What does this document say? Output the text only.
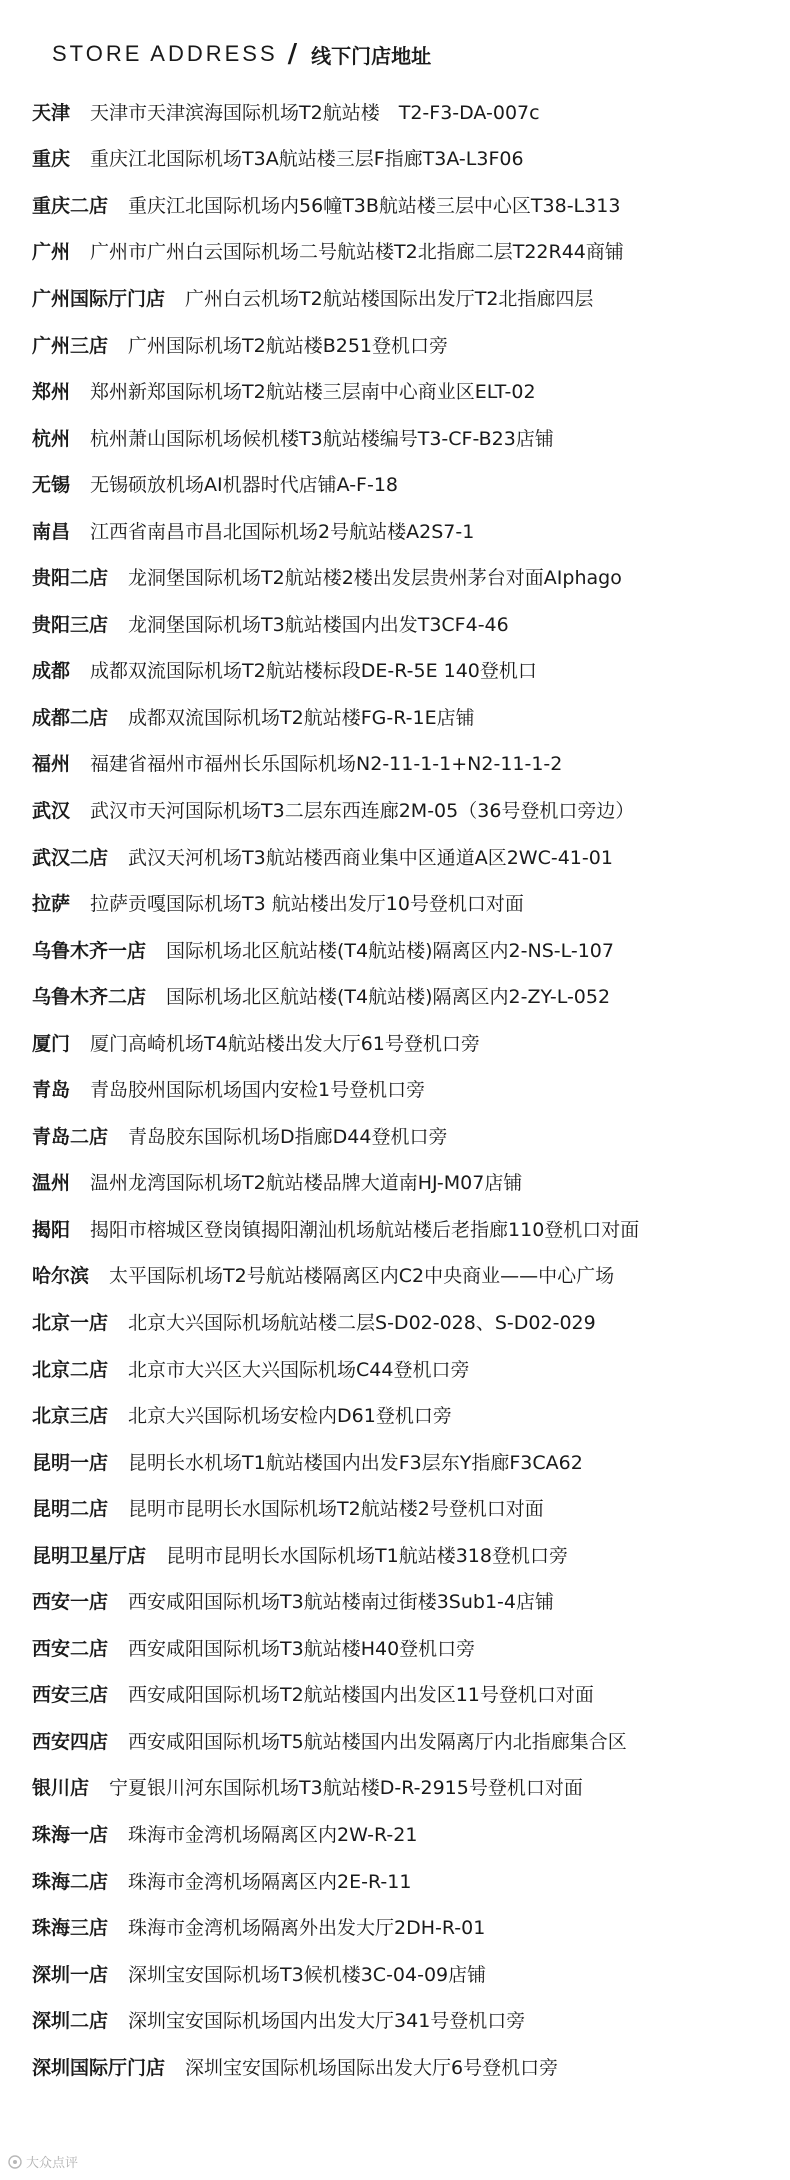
STORE ADDRESS / 线下门店地址
天津 天津市天津滨海国际机场T2航站楼　T2-F3-DA-007c
重庆 重庆江北国际机场T3A航站楼三层F指廊T3A-L3F06
重庆二店 重庆江北国际机场内56幢T3B航站楼三层中心区T38-L313
广州 广州市广州白云国际机场二号航站楼T2北指廊二层T22R44商铺
广州国际厅门店 广州白云机场T2航站楼国际出发厅T2北指廊四层
广州三店 广州国际机场T2航站楼B251登机口旁
郑州 郑州新郑国际机场T2航站楼三层南中心商业区ELT-02
杭州 杭州萧山国际机场候机楼T3航站楼编号T3-CF-B23店铺
无锡 无锡硕放机场AI机器时代店铺A-F-18
南昌 江西省南昌市昌北国际机场2号航站楼A2S7-1
贵阳二店 龙洞堡国际机场T2航站楼2楼出发层贵州茅台对面AIphago
贵阳三店 龙洞堡国际机场T3航站楼国内出发T3CF4-46
成都 成都双流国际机场T2航站楼标段DE-R-5E 140登机口
成都二店 成都双流国际机场T2航站楼FG-R-1E店铺
福州 福建省福州市福州长乐国际机场N2-11-1-1+N2-11-1-2
武汉 武汉市天河国际机场T3二层东西连廊2M-05（36号登机口旁边）
武汉二店 武汉天河机场T3航站楼西商业集中区通道A区2WC-41-01
拉萨 拉萨贡嘎国际机场T3 航站楼出发厅10号登机口对面
乌鲁木齐一店 国际机场北区航站楼(T4航站楼)隔离区内2-NS-L-107
乌鲁木齐二店 国际机场北区航站楼(T4航站楼)隔离区内2-ZY-L-052
厦门 厦门高崎机场T4航站楼出发大厅61号登机口旁
青岛 青岛胶州国际机场国内安检1号登机口旁
青岛二店 青岛胶东国际机场D指廊D44登机口旁
温州 温州龙湾国际机场T2航站楼品牌大道南HJ-M07店铺
揭阳 揭阳市榕城区登岗镇揭阳潮汕机场航站楼后老指廊110登机口对面
哈尔滨 太平国际机场T2号航站楼隔离区内C2中央商业——中心广场
北京一店 北京大兴国际机场航站楼二层S-D02-028、S-D02-029
北京二店 北京市大兴区大兴国际机场C44登机口旁
北京三店 北京大兴国际机场安检内D61登机口旁
昆明一店 昆明长水机场T1航站楼国内出发F3层东Y指廊F3CA62
昆明二店 昆明市昆明长水国际机场T2航站楼2号登机口对面
昆明卫星厅店 昆明市昆明长水国际机场T1航站楼318登机口旁
西安一店 西安咸阳国际机场T3航站楼南过街楼3Sub1-4店铺
西安二店 西安咸阳国际机场T3航站楼H40登机口旁
西安三店 西安咸阳国际机场T2航站楼国内出发区11号登机口对面
西安四店 西安咸阳国际机场T5航站楼国内出发隔离厅内北指廊集合区
银川店 宁夏银川河东国际机场T3航站楼D-R-2915号登机口对面
珠海一店 珠海市金湾机场隔离区内2W-R-21
珠海二店 珠海市金湾机场隔离区内2E-R-11
珠海三店 珠海市金湾机场隔离外出发大厅2DH-R-01
深圳一店 深圳宝安国际机场T3候机楼3C-04-09店铺
深圳二店 深圳宝安国际机场国内出发大厅341号登机口旁
深圳国际厅门店 深圳宝安国际机场国际出发大厅6号登机口旁
大众点评
